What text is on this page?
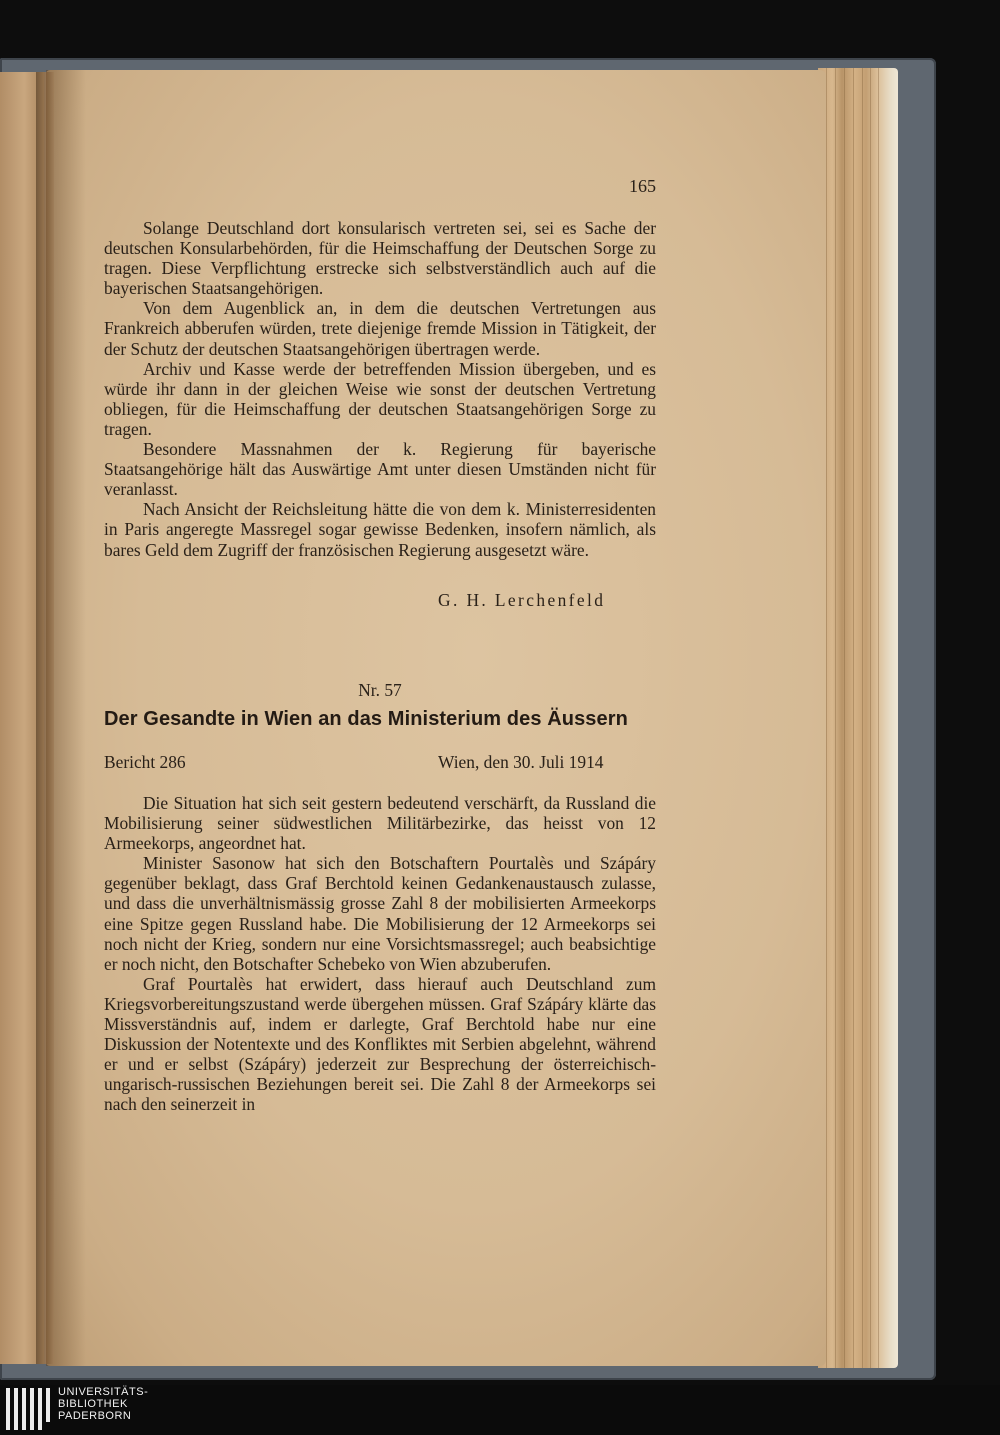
165

Solange Deutschland dort konsularisch vertreten sei, sei es Sache der deutschen Konsularbehörden, für die Heimschaffung der Deutschen Sorge zu tragen. Diese Verpflichtung erstrecke sich selbstverständlich auch auf die bayerischen Staatsangehörigen.

Von dem Augenblick an, in dem die deutschen Vertretungen aus Frankreich abberufen würden, trete diejenige fremde Mission in Tätigkeit, der der Schutz der deutschen Staatsangehörigen übertragen werde.

Archiv und Kasse werde der betreffenden Mission übergeben, und es würde ihr dann in der gleichen Weise wie sonst der deutschen Vertretung obliegen, für die Heimschaffung der deutschen Staatsangehörigen Sorge zu tragen.

Besondere Massnahmen der k. Regierung für bayerische Staatsangehörige hält das Auswärtige Amt unter diesen Umständen nicht für veranlasst.

Nach Ansicht der Reichsleitung hätte die von dem k. Ministerresidenten in Paris angeregte Massregel sogar gewisse Bedenken, insofern nämlich, als bares Geld dem Zugriff der französischen Regierung ausgesetzt wäre.

G. H. Lerchenfeld
Nr. 57
Der Gesandte in Wien an das Ministerium des Äussern
Bericht 286	Wien, den 30. Juli 1914

Die Situation hat sich seit gestern bedeutend verschärft, da Russland die Mobilisierung seiner südwestlichen Militärbezirke, das heisst von 12 Armeekorps, angeordnet hat.

Minister Sasonow hat sich den Botschaftern Pourtalès und Szápáry gegenüber beklagt, dass Graf Berchtold keinen Gedankenaustausch zulasse, und dass die unverhältnismässig grosse Zahl 8 der mobilisierten Armeekorps eine Spitze gegen Russland habe. Die Mobilisierung der 12 Armeekorps sei noch nicht der Krieg, sondern nur eine Vorsichtsmassregel; auch beabsichtige er noch nicht, den Botschafter Schebeko von Wien abzuberufen.

Graf Pourtalès hat erwidert, dass hierauf auch Deutschland zum Kriegsvorbereitungszustand werde übergehen müssen. Graf Szápáry klärte das Missverständnis auf, indem er darlegte, Graf Berchtold habe nur eine Diskussion der Notentexte und des Konfliktes mit Serbien abgelehnt, während er und er selbst (Szápáry) jederzeit zur Besprechung der österreichisch-ungarisch-russischen Beziehungen bereit sei. Die Zahl 8 der Armeekorps sei nach den seinerzeit in

UNIVERSITÄTS-
BIBLIOTHEK
PADERBORN
